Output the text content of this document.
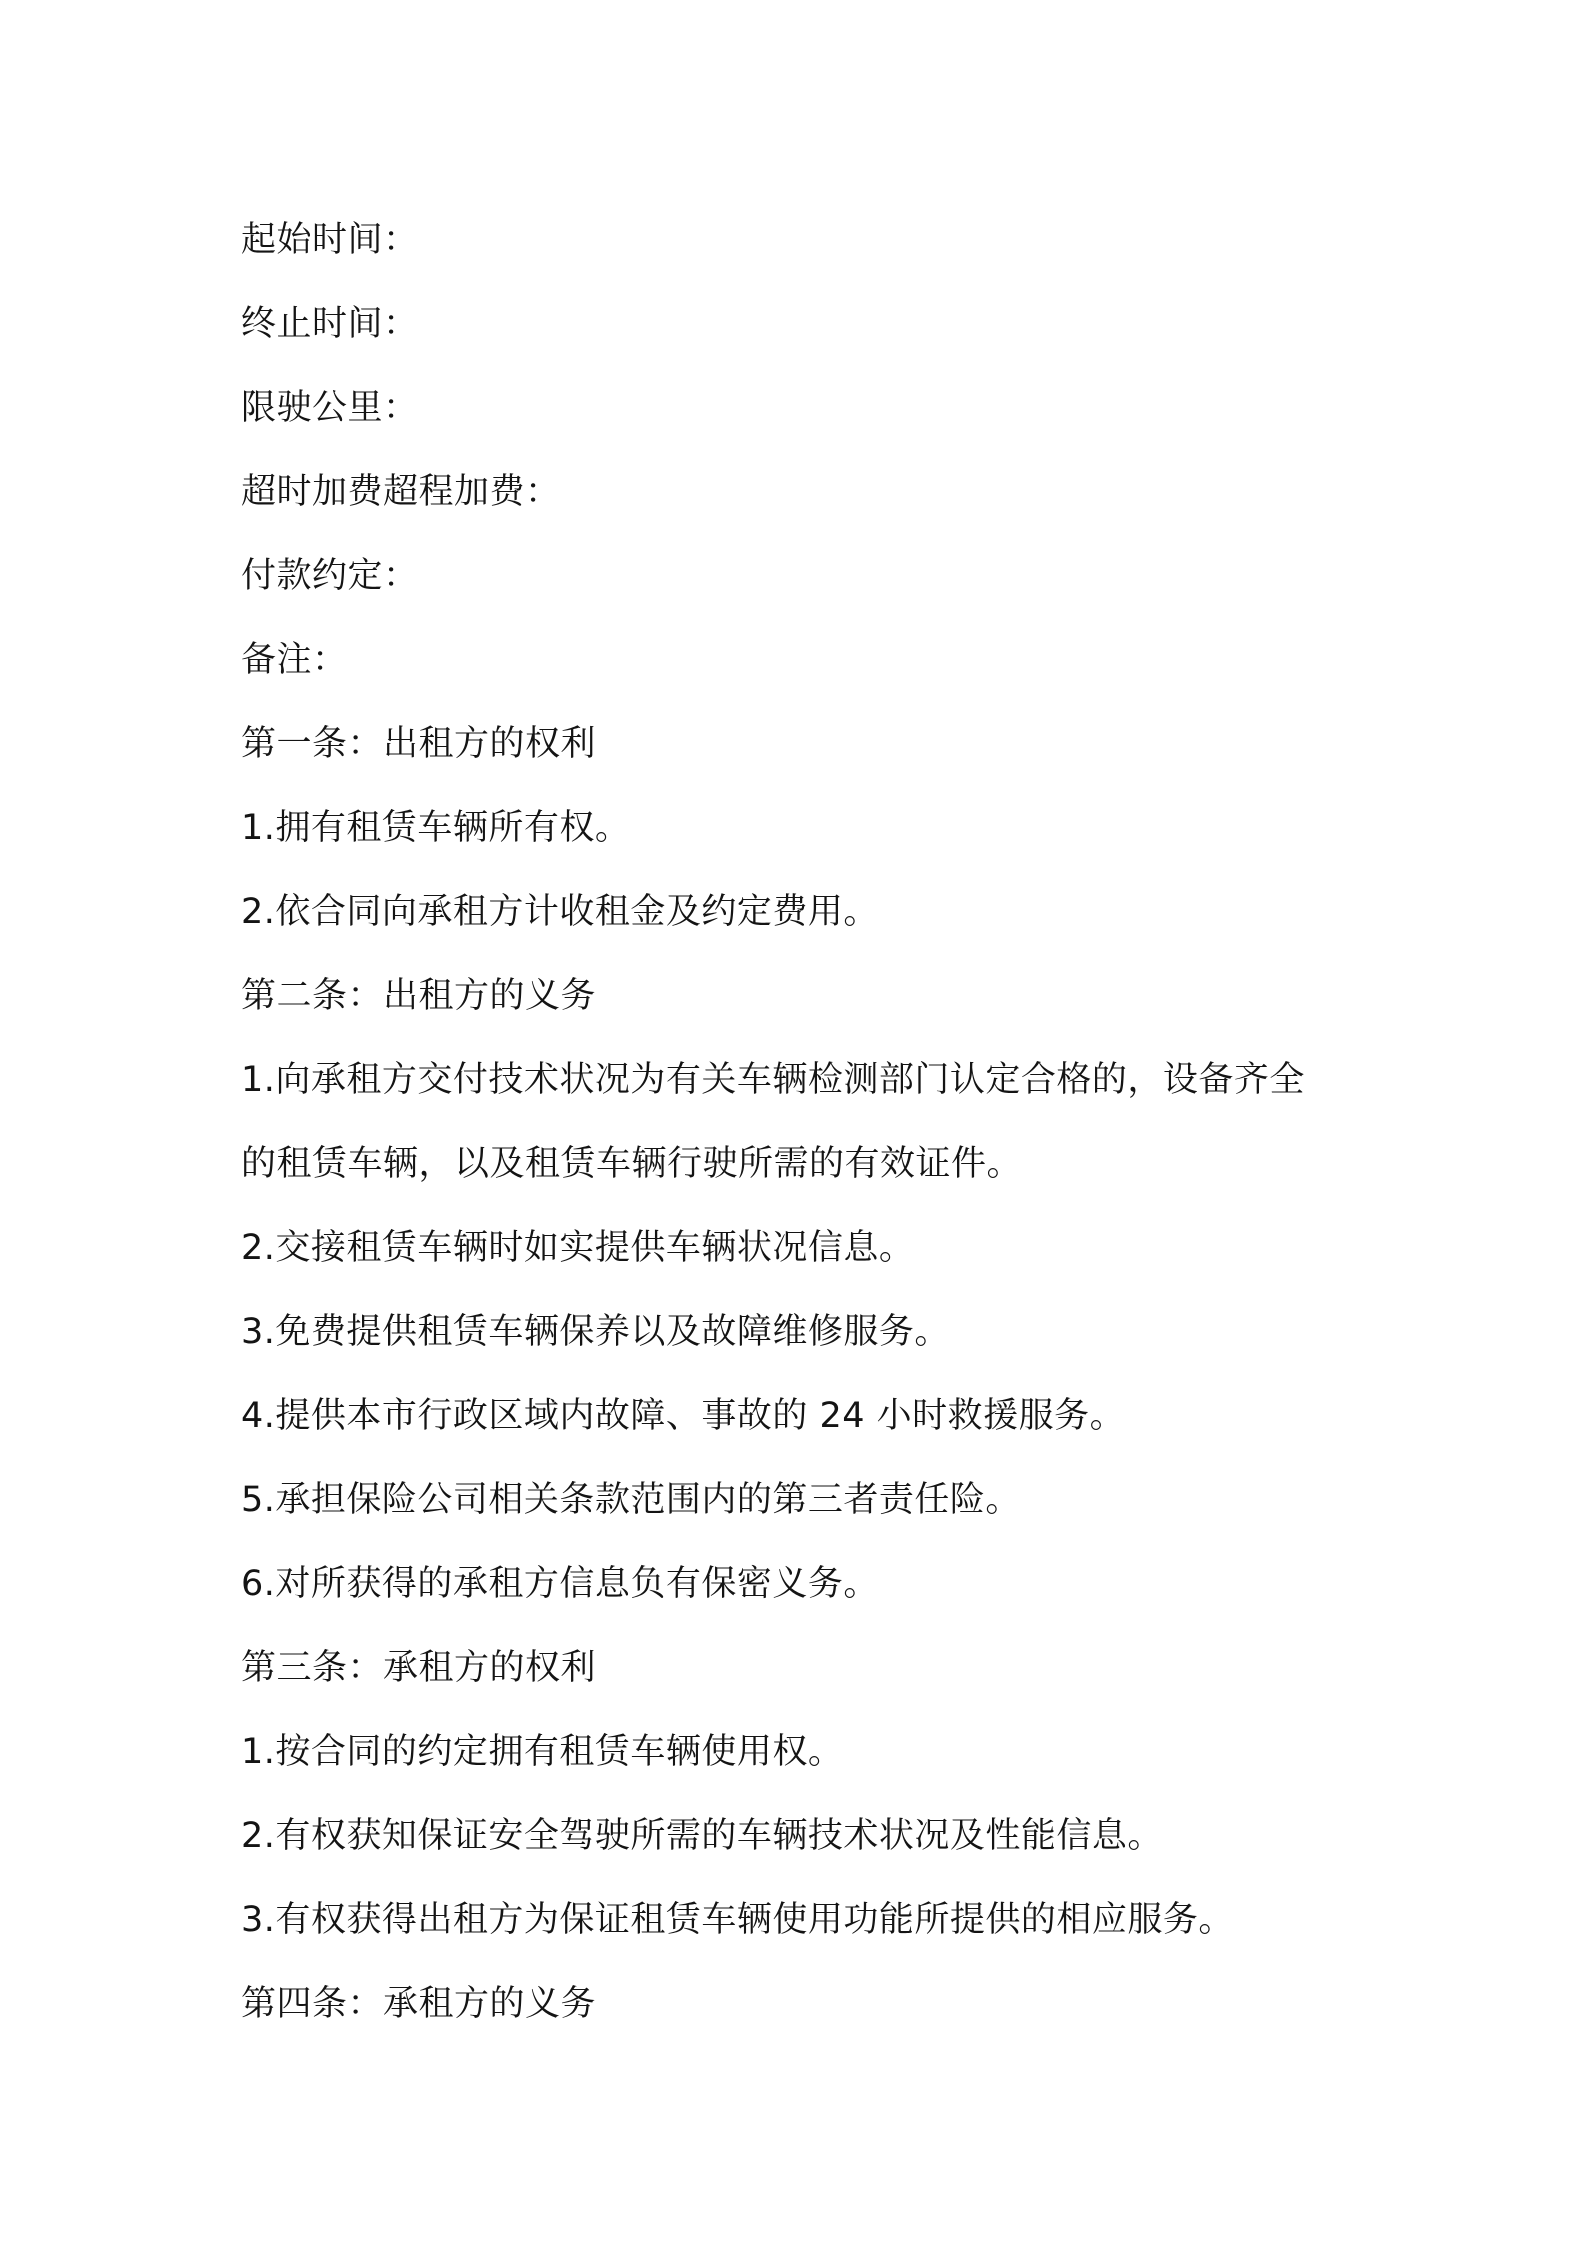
起始时间：
终止时间：
限驶公里：
超时加费超程加费：
付款约定：
备注：
第一条：出租方的权利
1.拥有租赁车辆所有权。
2.依合同向承租方计收租金及约定费用。
第二条：出租方的义务
1.向承租方交付技术状况为有关车辆检测部门认定合格的，设备齐全
的租赁车辆，以及租赁车辆行驶所需的有效证件。
2.交接租赁车辆时如实提供车辆状况信息。
3.免费提供租赁车辆保养以及故障维修服务。
4.提供本市行政区域内故障、事故的 24 小时救援服务。
5.承担保险公司相关条款范围内的第三者责任险。
6.对所获得的承租方信息负有保密义务。
第三条：承租方的权利
1.按合同的约定拥有租赁车辆使用权。
2.有权获知保证安全驾驶所需的车辆技术状况及性能信息。
3.有权获得出租方为保证租赁车辆使用功能所提供的相应服务。
第四条：承租方的义务
